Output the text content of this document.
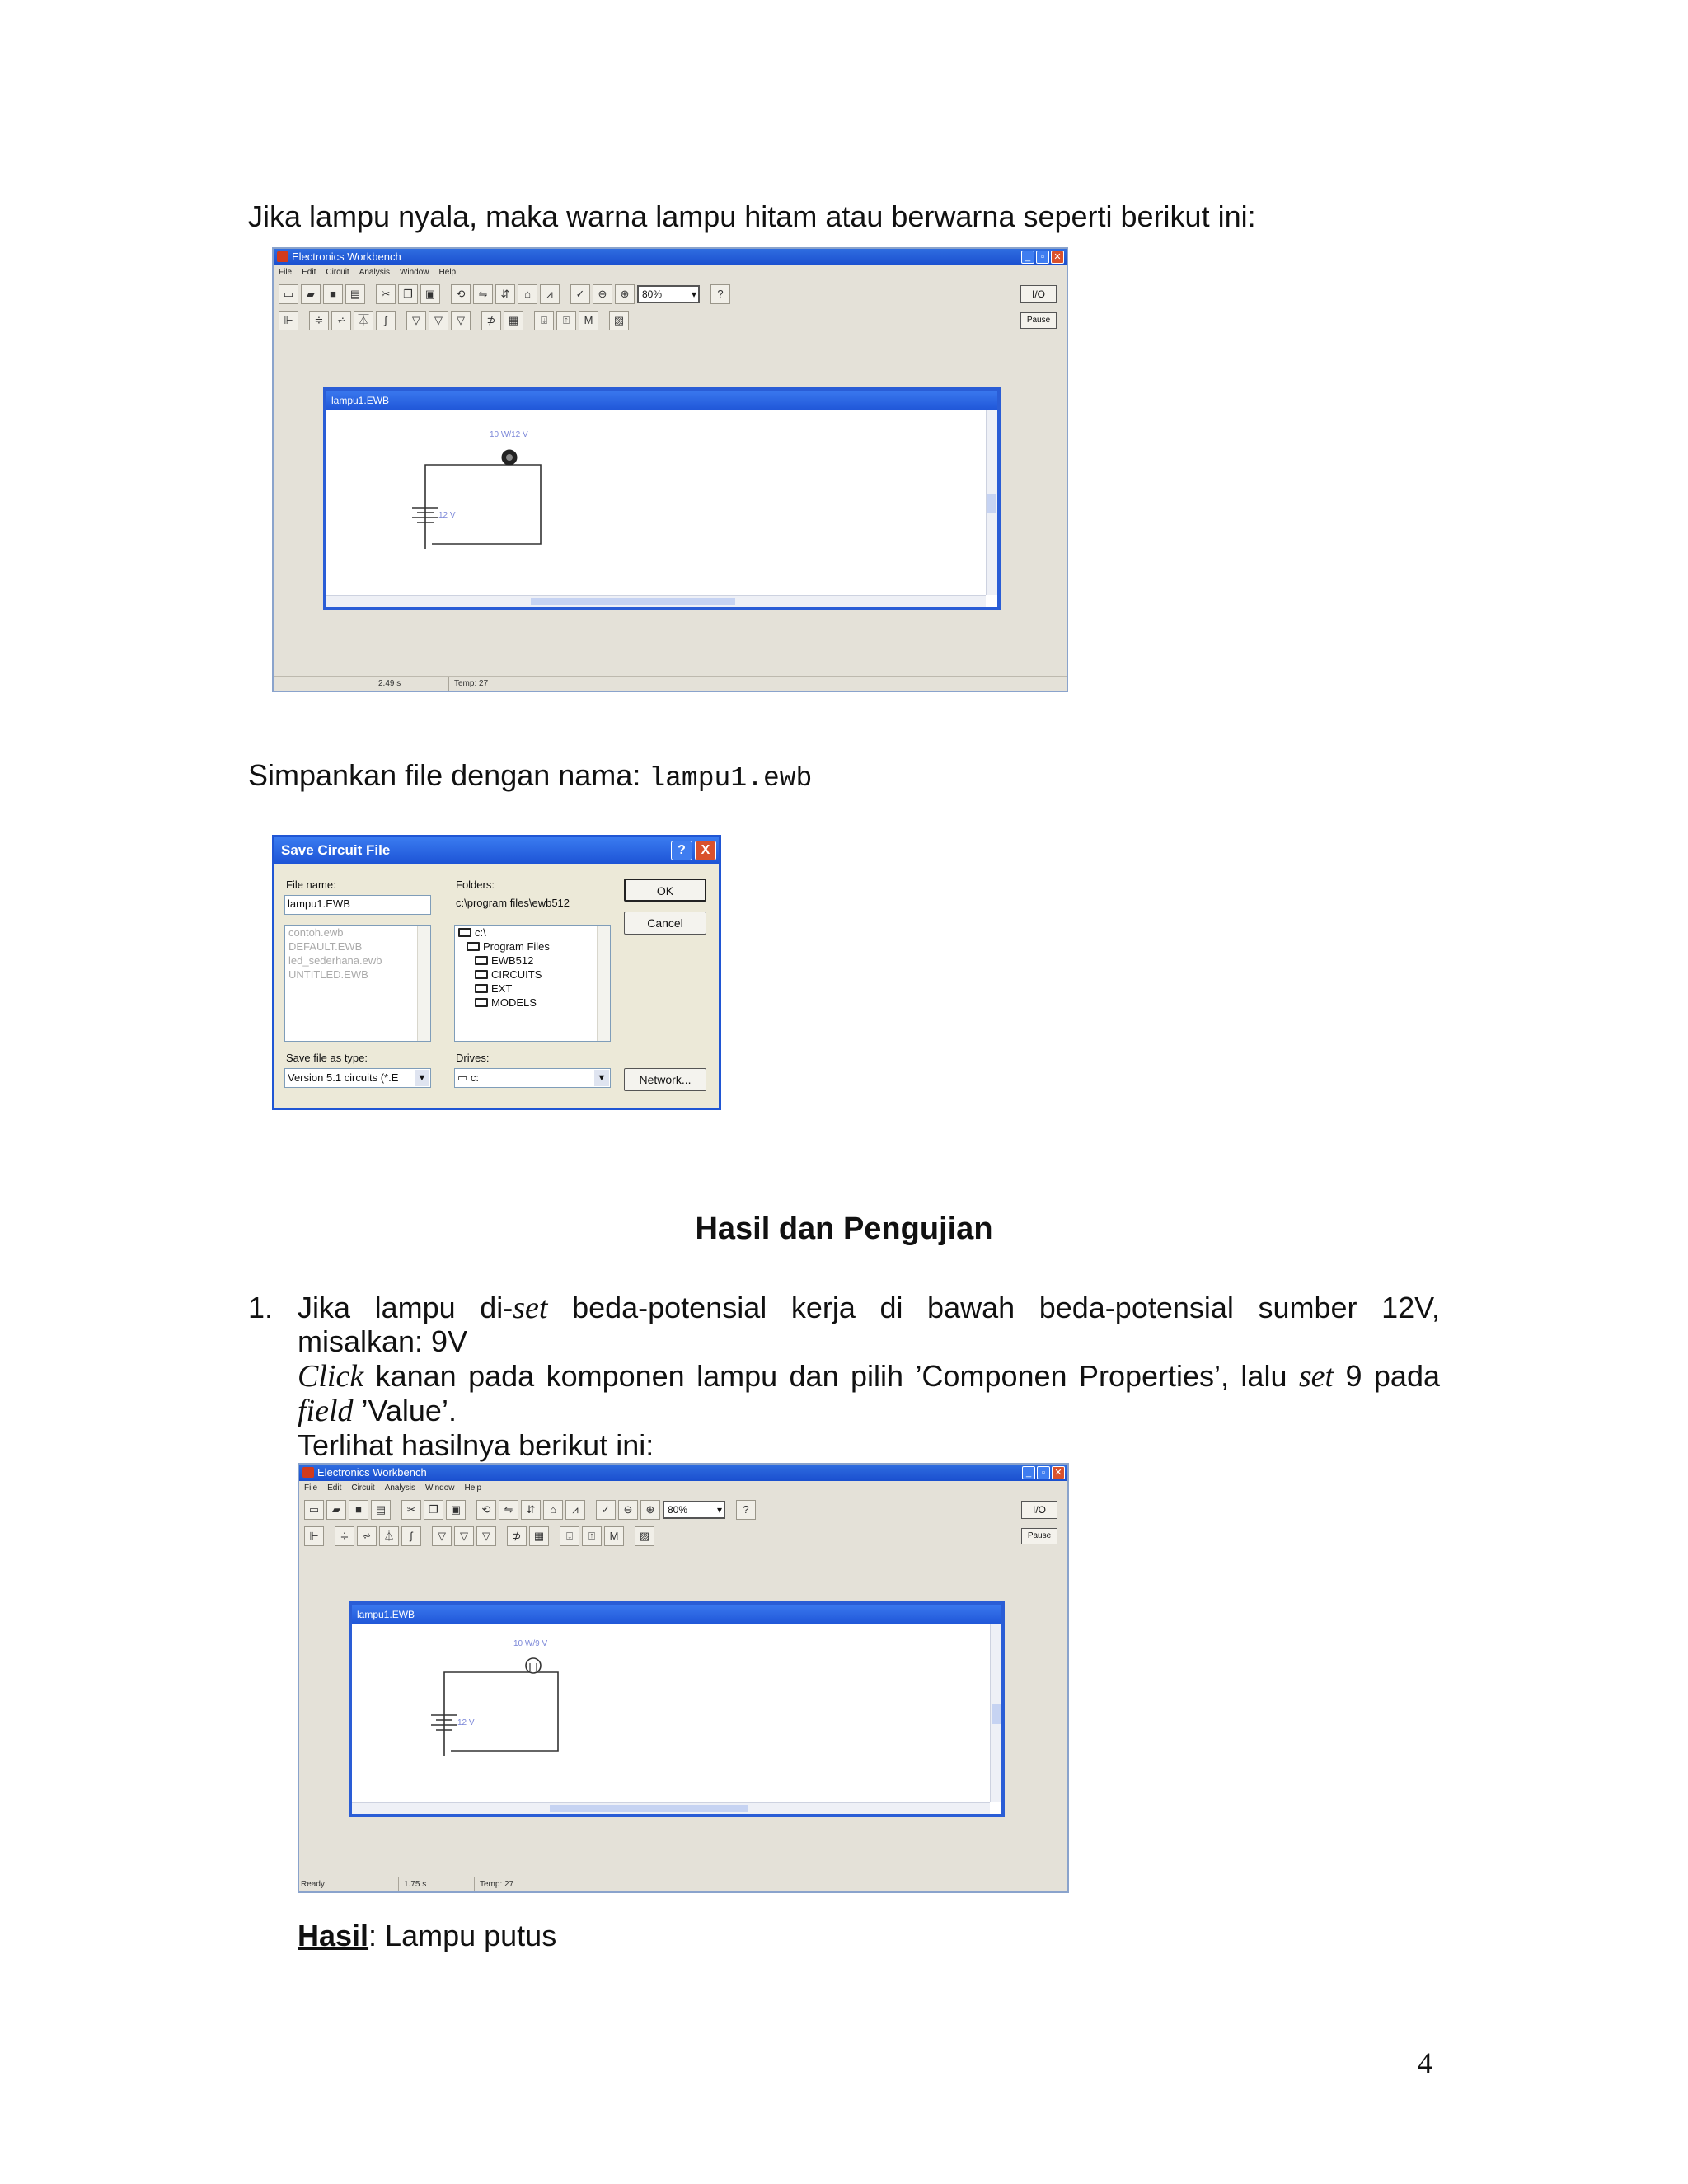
Jika lampu nyala, maka warna lampu hitam atau berwarna seperti berikut ini:
Electronics Workbench	_	▫	✕
File Edit Circuit Analysis Window Help
▭	▰	■	▤	✂	❐	▣	⟲	⇋	⇵	⌂	⩘	✓	⊖	⊕	80% ▾	?	I/O
⊩	≑	⩫	⏄	ʃ	▽	▽	▽	⊅	▦	⍗	⍐	M	▨	Pause
lampu1.EWB
10 W/12 V
12 V
2.49 s	Temp: 27
Simpankan file dengan nama: lampu1.ewb
Save Circuit File	?	X
File name:
lampu1.EWB
contoh.ewb
DEFAULT.EWB
led_sederhana.ewb
UNTITLED.EWB
Folders:
c:\program files\ewb512
c:\
Program Files
EWB512
CIRCUITS
EXT
MODELS
OK
Cancel
Save file as type:
Version 5.1 circuits (*.E	▼
Drives:
▭ c:	▼	Network...
Hasil dan Pengujian
1. Jika lampu di-set beda-potensial kerja di bawah beda-potensial sumber 12V,
misalkan: 9V
Click kanan pada komponen lampu dan pilih ’Componen Properties’, lalu set 9 pada
field ’Value’.
Terlihat hasilnya berikut ini:
Electronics Workbench	_	▫	✕
File Edit Circuit Analysis Window Help
▭	▰	■	▤	✂	❐	▣	⟲	⇋	⇵	⌂	⩘	✓	⊖	⊕	80% ▾	?	I/O
⊩	≑	⩫	⏄	ʃ	▽	▽	▽	⊅	▦	⍗	⍐	M	▨	Pause
lampu1.EWB
10 W/9 V
12 V
Ready	1.75 s	Temp: 27
Hasil: Lampu putus
4
